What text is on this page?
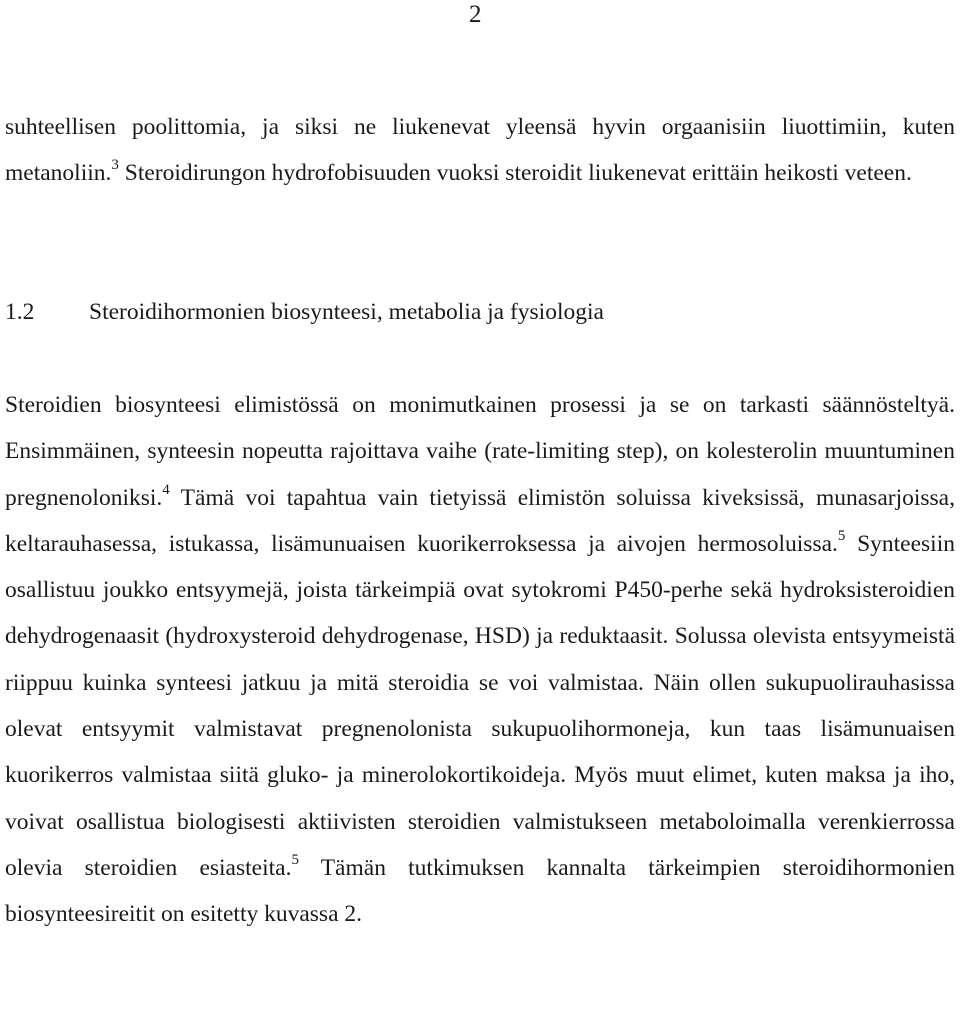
2

suhteellisen poolittomia, ja siksi ne liukenevat yleensä hyvin orgaanisiin liuottimiin, kuten metanoliin.$^3$ Steroidirungon hydrofobisuuden vuoksi steroidit liukenevat erittäin heikosti veteen.

1.2 Steroidihormonien biosynteesi, metabolia ja fysiologia

Steroidien biosynteesi elimistössä on monimutkainen prosessi ja se on tarkasti säännösteltyä. Ensimmäinen, synteesin nopeutta rajoittava vaihe (rate-limiting step), on kolesterolin muuntuminen pregnenoloniksi.$^4$ Tämä voi tapahtua vain tietyissä elimistön soluissa kiveksissä, munasarjoissa, keltarauhasessa, istukassa, lisämunuaisen kuorikerroksessa ja aivojen hermosoluissa.$^5$ Synteesiin osallistuu joukko entsyymejä, joista tärkeimpiä ovat sytokromi P450-perhe sekä hydroksisteroidien dehydrogenaasit (hydroxysteroid dehydrogenase, HSD) ja reduktaasit. Solussa olevista entsyymeistä riippuu kuinka synteesi jatkuu ja mitä steroidia se voi valmistaa. Näin ollen sukupuolirauhasissa olevat entsyymit valmistavat pregnenolonista sukupuolihormoneja, kun taas lisämunuaisen kuorikerros valmistaa siitä gluko- ja minerolokortikoideja. Myös muut elimet, kuten maksa ja iho, voivat osallistua biologisesti aktiivisten steroidien valmistukseen metaboloimalla verenkierrossa olevia steroidien esiasteita.$^5$ Tämän tutkimuksen kannalta tärkeimpien steroidihormonien biosynteesireitit on esitetty kuvassa 2.
